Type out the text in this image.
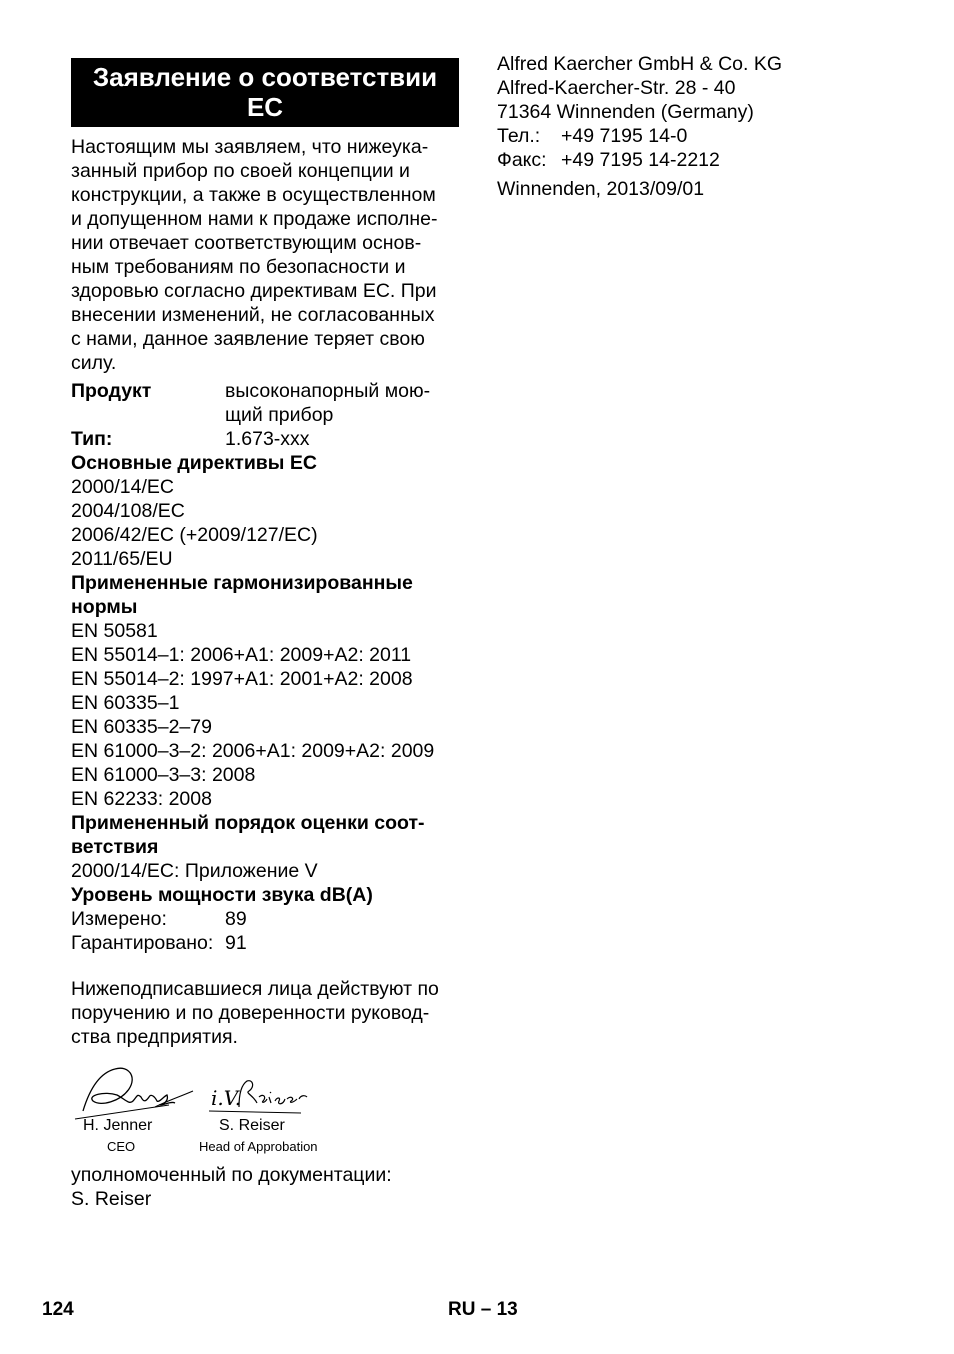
Заявление о соответствии ЕС
Настоящим мы заявляем, что нижеука-
занный прибор по своей концепции и
конструкции, а также в осуществленном
и допущенном нами к продаже исполне-
нии отвечает соответствующим основ-
ным требованиям по безопасности и
здоровью согласно директивам ЕС. При
внесении изменений, не согласованных
с нами, данное заявление теряет свою
силу.
Продукт	высоконапорный мою-
щий прибор
Тип:	1.673-xxx
Основные директивы ЕС
2000/14/EC
2004/108/EC
2006/42/EC (+2009/127/EC)
2011/65/EU
Примененные гармонизированные
нормы
EN 50581
EN 55014–1: 2006+A1: 2009+A2: 2011
EN 55014–2: 1997+A1: 2001+A2: 2008
EN 60335–1
EN 60335–2–79
EN 61000–3–2: 2006+A1: 2009+A2: 2009
EN 61000–3–3: 2008
EN 62233: 2008
Примененный порядок оценки соот-
ветствия
2000/14/EC: Приложение V
Уровень мощности звука dB(A)
Измерено:	89
Гарантировано: 91
Нижеподписавшиеся лица действуют по
поручению и по доверенности руковод-
ства предприятия.
i.V.
H. Jenner
CEO
S. Reiser
Head of Approbation
уполномоченный по документации:
S. Reiser
Alfred Kaercher GmbH & Co. KG
Alfred-Kaercher-Str. 28 - 40
71364 Winnenden (Germany)
Тел.:	+49 7195 14-0
Факс: +49 7195 14-2212
Winnenden, 2013/09/01
124	RU – 13
